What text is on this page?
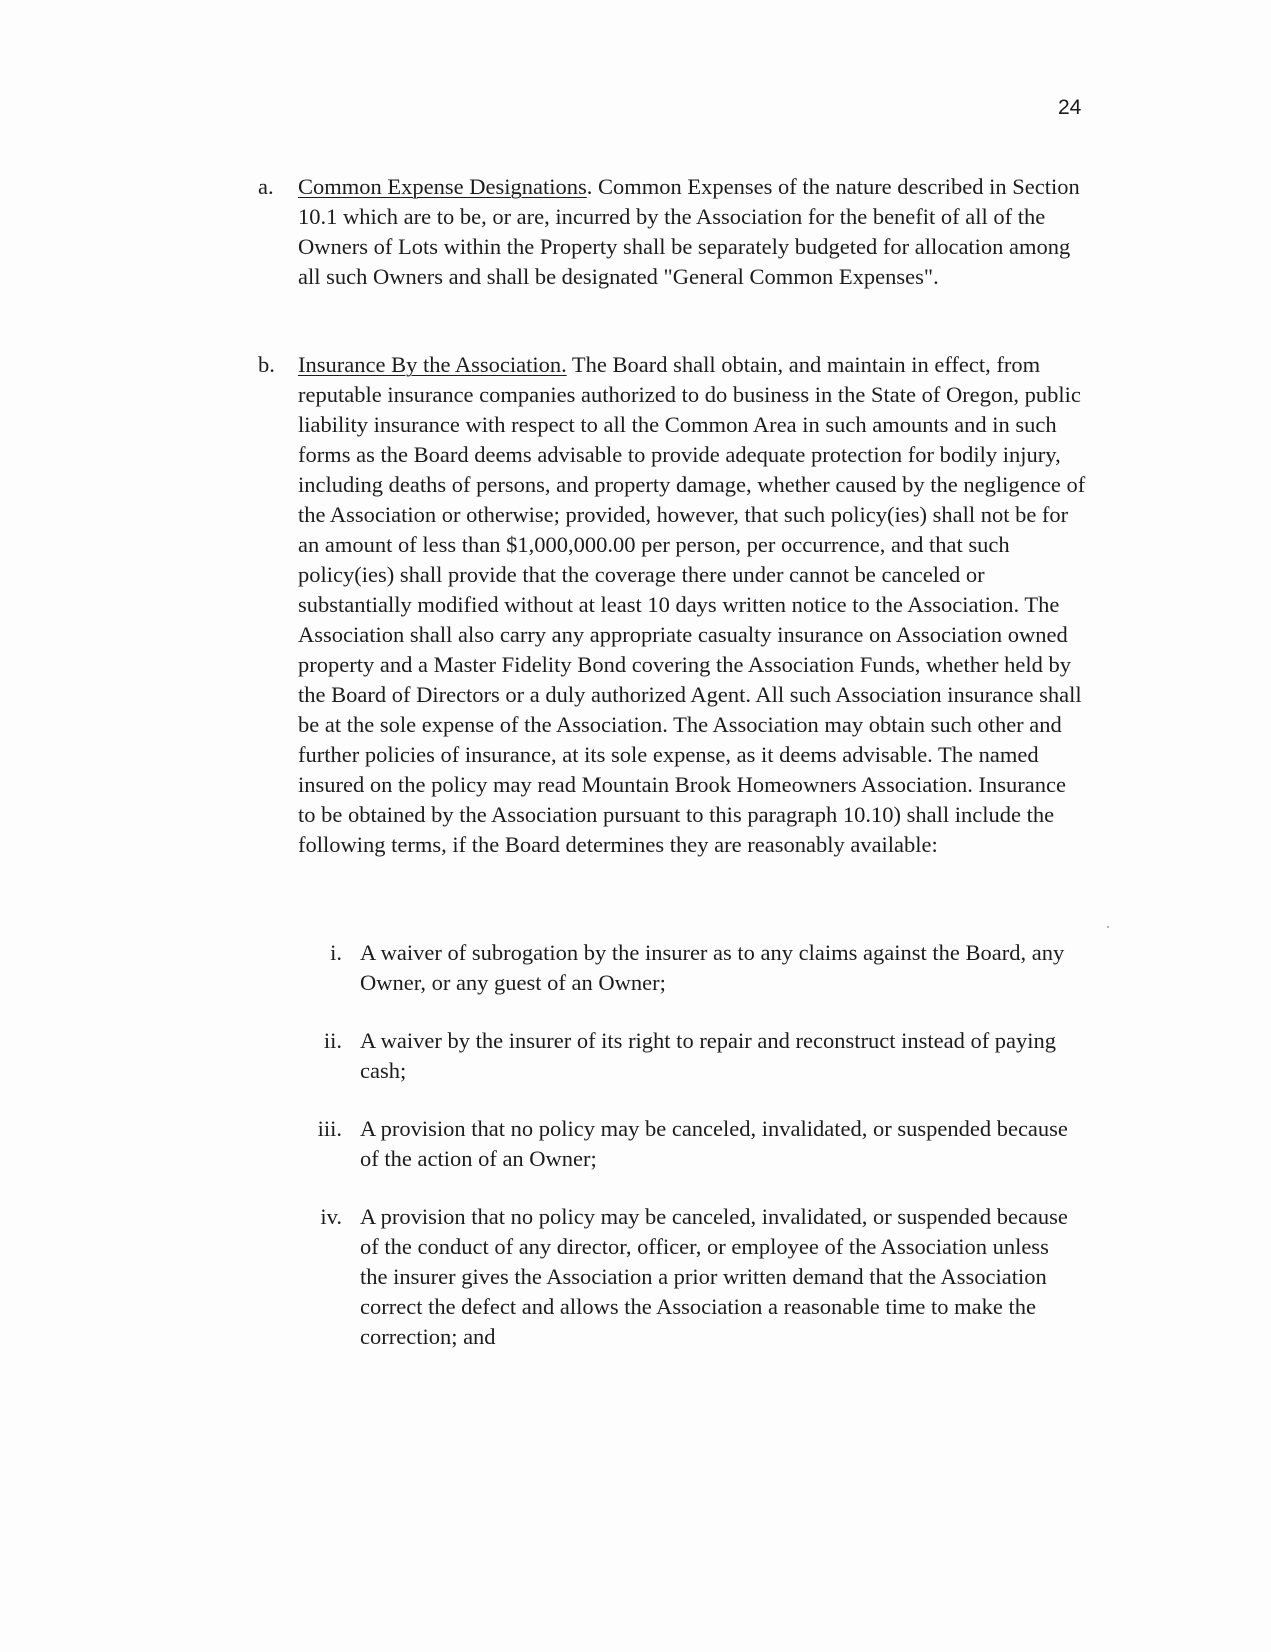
24
a. Common Expense Designations. Common Expenses of the nature described in Section 10.1 which are to be, or are, incurred by the Association for the benefit of all of the Owners of Lots within the Property shall be separately budgeted for allocation among all such Owners and shall be designated "General Common Expenses".
b. Insurance By the Association. The Board shall obtain, and maintain in effect, from reputable insurance companies authorized to do business in the State of Oregon, public liability insurance with respect to all the Common Area in such amounts and in such forms as the Board deems advisable to provide adequate protection for bodily injury, including deaths of persons, and property damage, whether caused by the negligence of the Association or otherwise; provided, however, that such policy(ies) shall not be for an amount of less than $1,000,000.00 per person, per occurrence, and that such policy(ies) shall provide that the coverage there under cannot be canceled or substantially modified without at least 10 days written notice to the Association. The Association shall also carry any appropriate casualty insurance on Association owned property and a Master Fidelity Bond covering the Association Funds, whether held by the Board of Directors or a duly authorized Agent. All such Association insurance shall be at the sole expense of the Association. The Association may obtain such other and further policies of insurance, at its sole expense, as it deems advisable. The named insured on the policy may read Mountain Brook Homeowners Association. Insurance to be obtained by the Association pursuant to this paragraph 10.10) shall include the following terms, if the Board determines they are reasonably available:
i. A waiver of subrogation by the insurer as to any claims against the Board, any Owner, or any guest of an Owner;
ii. A waiver by the insurer of its right to repair and reconstruct instead of paying cash;
iii. A provision that no policy may be canceled, invalidated, or suspended because of the action of an Owner;
iv. A provision that no policy may be canceled, invalidated, or suspended because of the conduct of any director, officer, or employee of the Association unless the insurer gives the Association a prior written demand that the Association correct the defect and allows the Association a reasonable time to make the correction; and
